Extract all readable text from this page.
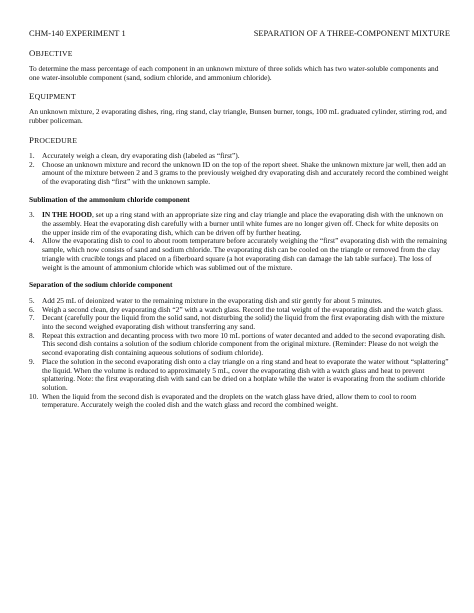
CHM-140 EXPERIMENT 1	SEPARATION OF A THREE-COMPONENT MIXTURE
OBJECTIVE

To determine the mass percentage of each component in an unknown mixture of three solids which has two water-soluble components and one water-insoluble component (sand, sodium chloride, and ammonium chloride).

EQUIPMENT

An unknown mixture, 2 evaporating dishes, ring, ring stand, clay triangle, Bunsen burner, tongs, 100 mL graduated cylinder, stirring rod, and rubber policeman.

PROCEDURE
1. Accurately weigh a clean, dry evaporating dish (labeled as “first”).
2. Choose an unknown mixture and record the unknown ID on the top of the report sheet. Shake the unknown mixture jar well, then add an amount of the mixture between 2 and 3 grams to the previously weighed dry evaporating dish and accurately record the combined weight of the evaporating dish “first” with the unknown sample.
Sublimation of the ammonium chloride component
3. IN THE HOOD, set up a ring stand with an appropriate size ring and clay triangle and place the evaporating dish with the unknown on the assembly. Heat the evaporating dish carefully with a burner until white fumes are no longer given off. Check for white deposits on the upper inside rim of the evaporating dish, which can be driven off by further heating.
4. Allow the evaporating dish to cool to about room temperature before accurately weighing the “first” evaporating dish with the remaining sample, which now consists of sand and sodium chloride. The evaporating dish can be cooled on the triangle or removed from the clay triangle with crucible tongs and placed on a fiberboard square (a hot evaporating dish can damage the lab table surface). The loss of weight is the amount of ammonium chloride which was sublimed out of the mixture.
Separation of the sodium chloride component
5. Add 25 mL of deionized water to the remaining mixture in the evaporating dish and stir gently for about 5 minutes.
6. Weigh a second clean, dry evaporating dish “2” with a watch glass. Record the total weight of the evaporating dish and the watch glass.
7. Decant (carefully pour the liquid from the solid sand, not disturbing the solid) the liquid from the first evaporating dish with the mixture into the second weighed evaporating dish without transferring any sand.
8. Repeat this extraction and decanting process with two more 10 mL portions of water decanted and added to the second evaporating dish. This second dish contains a solution of the sodium chloride component from the original mixture. (Reminder: Please do not weigh the second evaporating dish containing aqueous solutions of sodium chloride).
9. Place the solution in the second evaporating dish onto a clay triangle on a ring stand and heat to evaporate the water without “splattering” the liquid. When the volume is reduced to approximately 5 mL, cover the evaporating dish with a watch glass and heat to prevent splattering. Note: the first evaporating dish with sand can be dried on a hotplate while the water is evaporating from the sodium chloride solution.
10. When the liquid from the second dish is evaporated and the droplets on the watch glass have dried, allow them to cool to room temperature. Accurately weigh the cooled dish and the watch glass and record the combined weight.
